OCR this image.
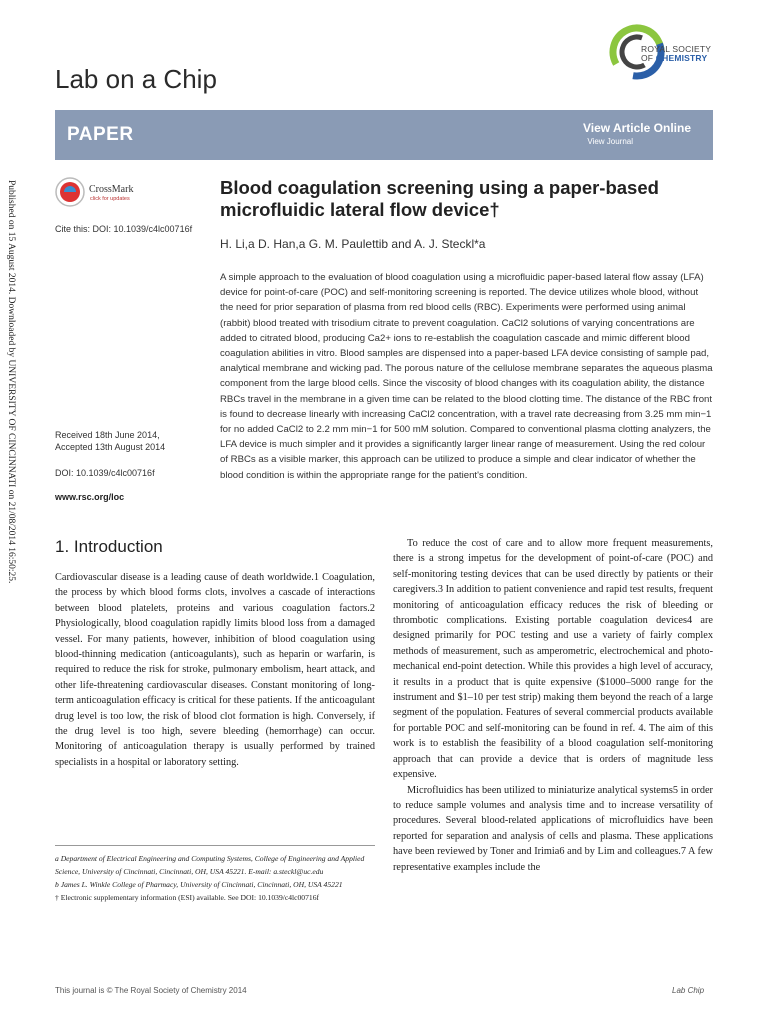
Published on 15 August 2014. Downloaded by UNIVERSITY OF CINCINNATI on 21/08/2014 16:50:25.
ROYAL SOCIETY
OF CHEMISTRY
Lab on a Chip
PAPER	View Article Online
View Journal
CrossMark
click for updates
Cite this: DOI: 10.1039/c4lc00716f
Blood coagulation screening using a paper-based microfluidic lateral flow device†
H. Li,a D. Han,a G. M. Paulettib and A. J. Steckl*a
A simple approach to the evaluation of blood coagulation using a microfluidic paper-based lateral flow assay (LFA) device for point-of-care (POC) and self-monitoring screening is reported. The device utilizes whole blood, without the need for prior separation of plasma from red blood cells (RBC). Experiments were performed using animal (rabbit) blood treated with trisodium citrate to prevent coagulation. CaCl2 solutions of varying concentrations are added to citrated blood, producing Ca2+ ions to re-establish the coagulation cascade and mimic different blood coagulation abilities in vitro. Blood samples are dispensed into a paper-based LFA device consisting of sample pad, analytical membrane and wicking pad. The porous nature of the cellulose membrane separates the aqueous plasma component from the large blood cells. Since the viscosity of blood changes with its coagulation ability, the distance RBCs travel in the membrane in a given time can be related to the blood clotting time. The distance of the RBC front is found to decrease linearly with increasing CaCl2 concentration, with a travel rate decreasing from 3.25 mm min−1 for no added CaCl2 to 2.2 mm min−1 for 500 mM solution. Compared to conventional plasma clotting analyzers, the LFA device is much simpler and it provides a significantly larger linear range of measurement. Using the red colour of RBCs as a visible marker, this approach can be utilized to produce a simple and clear indicator of whether the blood condition is within the appropriate range for the patient's condition.
Received 18th June 2014,
Accepted 13th August 2014
DOI: 10.1039/c4lc00716f
www.rsc.org/loc
1. Introduction

Cardiovascular disease is a leading cause of death worldwide.1 Coagulation, the process by which blood forms clots, involves a cascade of interactions between blood platelets, proteins and various coagulation factors.2 Physiologically, blood coagulation rapidly limits blood loss from a damaged vessel. For many patients, however, inhibition of blood coagulation using blood-thinning medication (anticoagulants), such as heparin or warfarin, is required to reduce the risk for stroke, pulmonary embolism, heart attack, and other life-threatening cardiovascular diseases. Constant monitoring of long-term anticoagulation efficacy is critical for these patients. If the anticoagulant drug level is too low, the risk of blood clot formation is high. Conversely, if the drug level is too high, severe bleeding (hemorrhage) can occur. Monitoring of anticoagulation therapy is usually performed by trained specialists in a hospital or laboratory setting.

To reduce the cost of care and to allow more frequent measurements, there is a strong impetus for the development of point-of-care (POC) and self-monitoring testing devices that can be used directly by patients or their caregivers.3 In addition to patient convenience and rapid test results, frequent monitoring of anticoagulation efficacy reduces the risk of bleeding or thrombotic complications. Existing portable coagulation devices4 are designed primarily for POC testing and use a variety of fairly complex methods of measurement, such as amperometric, electrochemical and photo-mechanical end-point detection. While this provides a high level of accuracy, it results in a product that is quite expensive ($1000–5000 range for the instrument and $1–10 per test strip) making them beyond the reach of a large segment of the population. Features of several commercial products available for portable POC and self-monitoring can be found in ref. 4. The aim of this work is to establish the feasibility of a blood coagulation self-monitoring approach that can provide a device that is orders of magnitude less expensive.

Microfluidics has been utilized to miniaturize analytical systems5 in order to reduce sample volumes and analysis time and to increase versatility of procedures. Several blood-related applications of microfluidics have been reported for separation and analysis of cells and plasma. These applications have been reviewed by Toner and Irimia6 and by Lim and colleagues.7 A few representative examples include the

a Department of Electrical Engineering and Computing Systems, College of Engineering and Applied Science, University of Cincinnati, Cincinnati, OH, USA 45221. E-mail: a.steckl@uc.edu

b James L. Winkle College of Pharmacy, University of Cincinnati, Cincinnati, OH, USA 45221

† Electronic supplementary information (ESI) available. See DOI: 10.1039/c4lc00716f

This journal is © The Royal Society of Chemistry 2014	Lab Chip
